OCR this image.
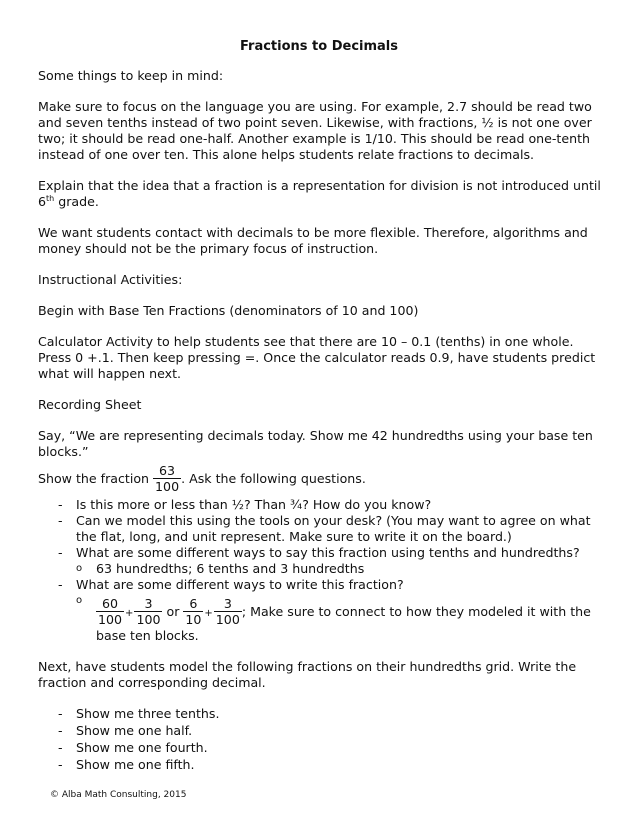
Fractions to Decimals

Some things to keep in mind:

Make sure to focus on the language you are using. For example, 2.7 should be read two and seven tenths instead of two point seven. Likewise, with fractions, ½ is not one over two; it should be read one-half. Another example is 1/10. This should be read one-tenth instead of one over ten. This alone helps students relate fractions to decimals.

Explain that the idea that a fraction is a representation for division is not introduced until 6th grade.

We want students contact with decimals to be more flexible. Therefore, algorithms and money should not be the primary focus of instruction.

Instructional Activities:

Begin with Base Ten Fractions (denominators of 10 and 100)

Calculator Activity to help students see that there are 10 – 0.1 (tenths) in one whole. Press 0 +.1. Then keep pressing =. Once the calculator reads 0.9, have students predict what will happen next.

Recording Sheet

Say, “We are representing decimals today. Show me 42 hundredths using your base ten blocks.”

Show the fraction $\frac{63}{100}$ . Ask the following questions.
- Is this more or less than ½? Than ¾? How do you know?
- Can we model this using the tools on your desk? (You may want to agree on what the flat, long, and unit represent. Make sure to write it on the board.)
- What are some different ways to say this fraction using tenths and hundredths?
o 63 hundredths; 6 tenths and 3 hundredths
- What are some different ways to write this fraction?
o $\frac{60}{100} + \frac{3}{100}$ or $\frac{6}{10} + \frac{3}{100}$ ; Make sure to connect to how they modeled it with the base ten blocks.

Next, have students model the following fractions on their hundredths grid. Write the fraction and corresponding decimal.

- Show me three tenths.
- Show me one half.
- Show me one fourth.
- Show me one fifth.
© Alba Math Consulting, 2015
